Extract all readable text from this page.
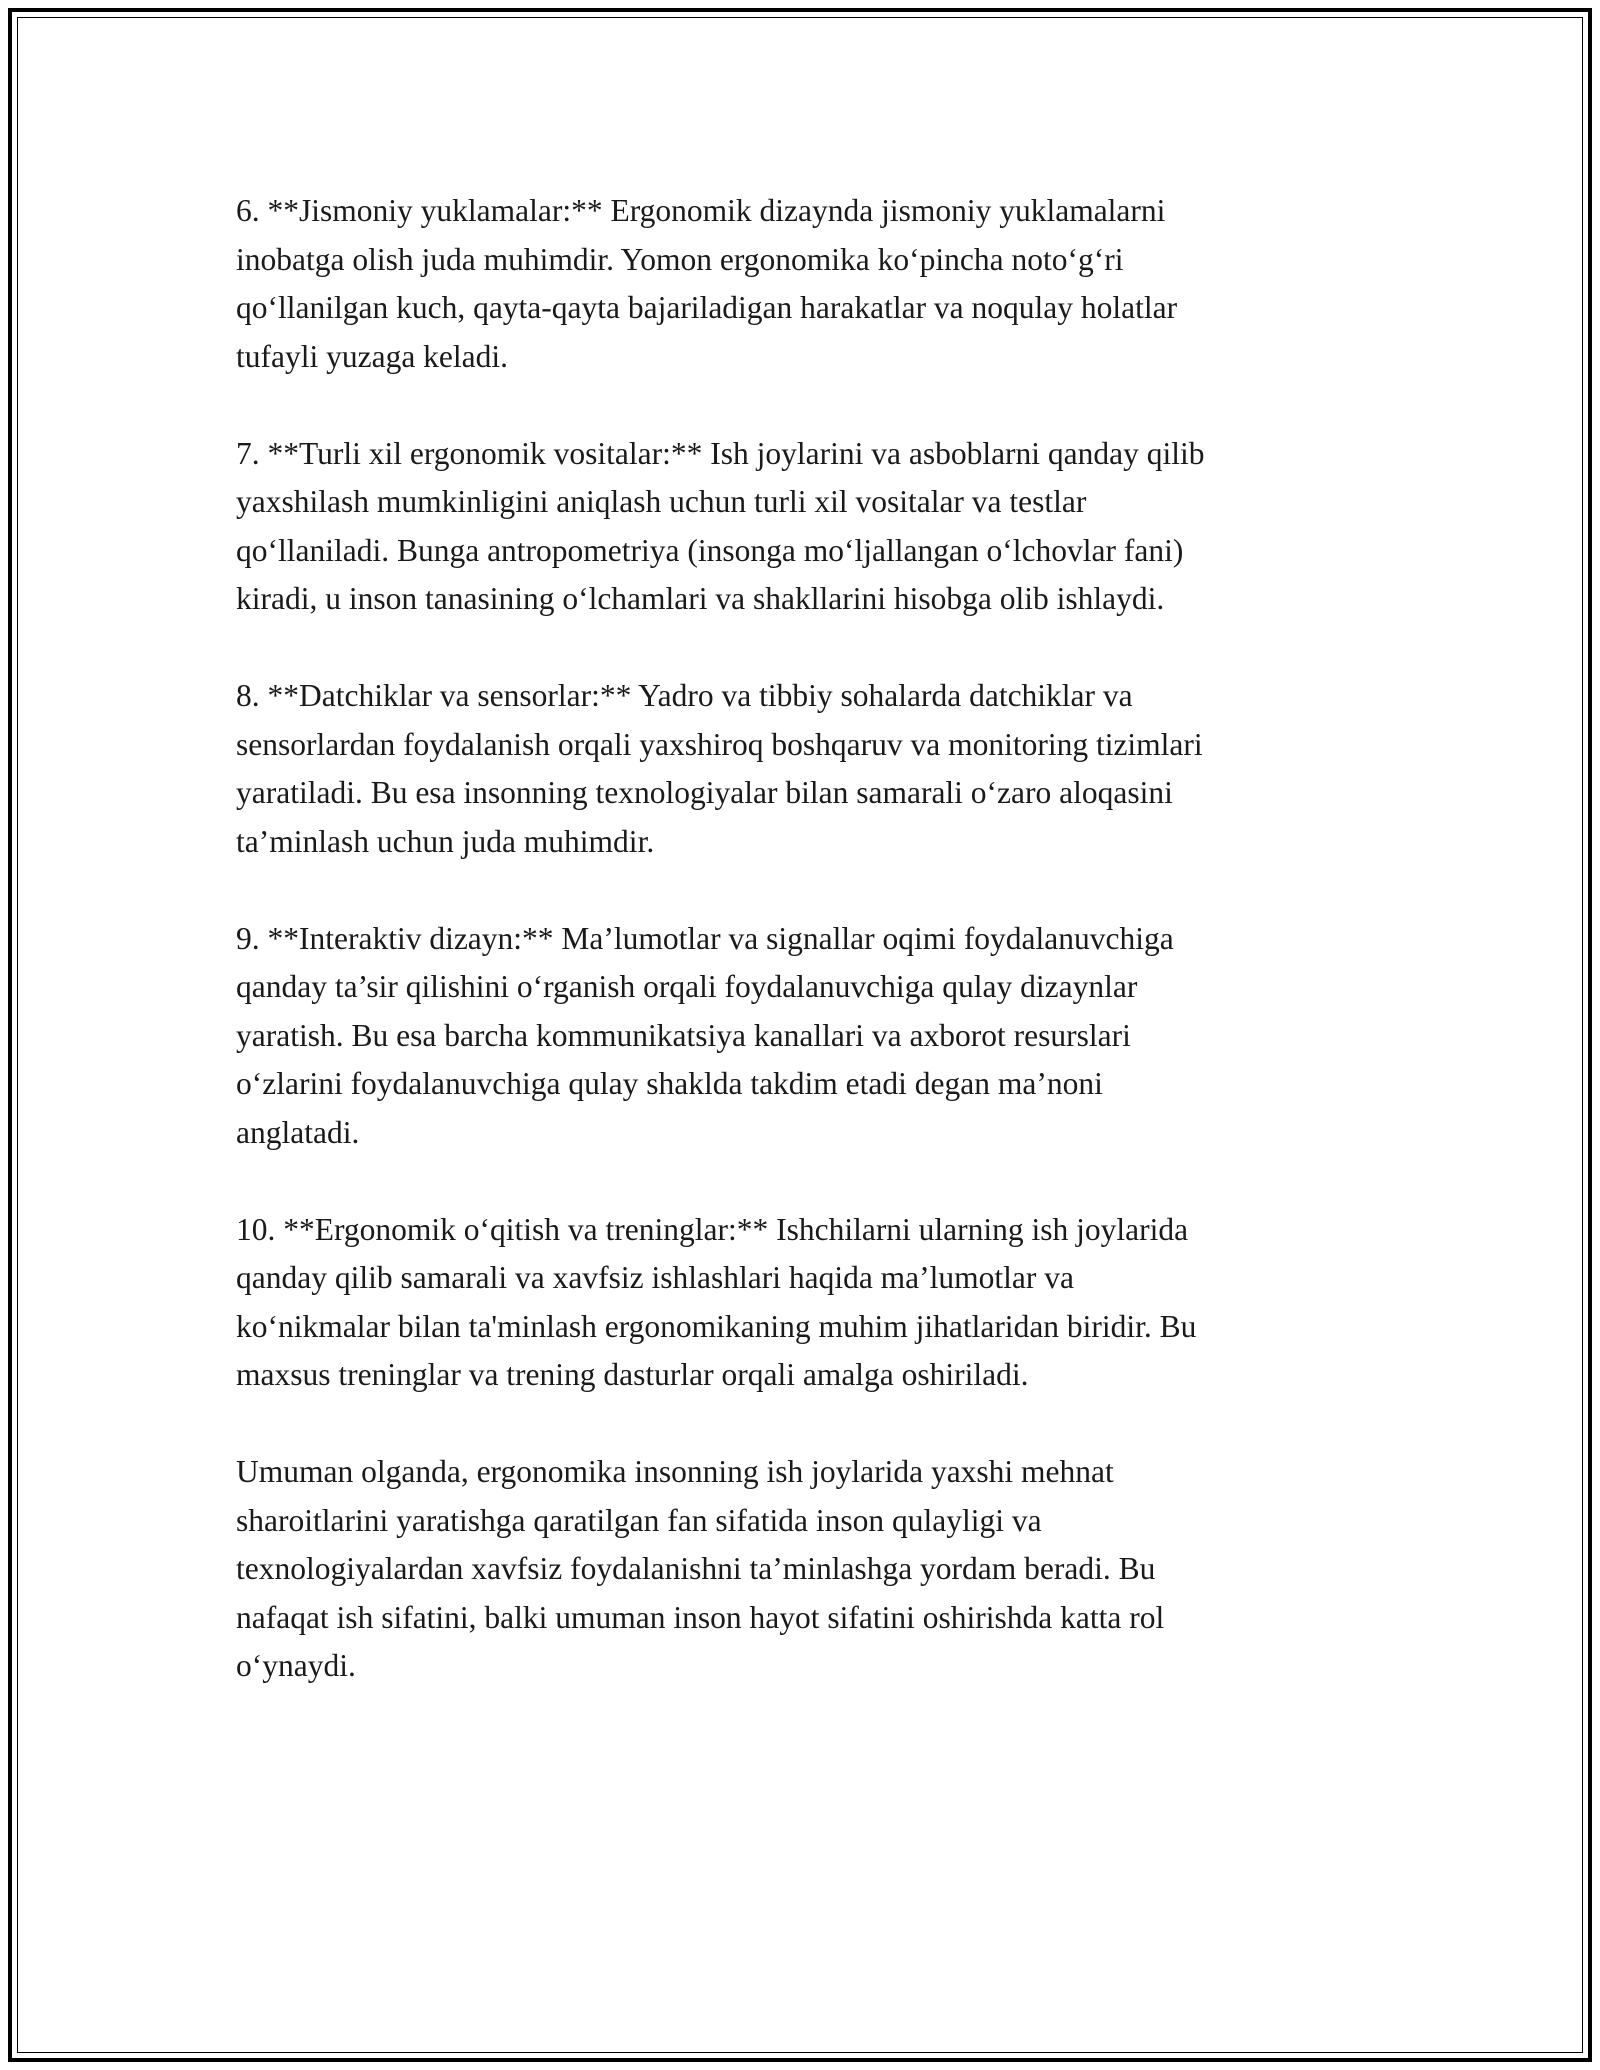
6. **Jismoniy yuklamalar:** Ergonomik dizaynda jismoniy yuklamalarni
inobatga olish juda muhimdir. Yomon ergonomika ko‘pincha noto‘g‘ri
qo‘llanilgan kuch, qayta-qayta bajariladigan harakatlar va noqulay holatlar
tufayli yuzaga keladi.

7. **Turli xil ergonomik vositalar:** Ish joylarini va asboblarni qanday qilib
yaxshilash mumkinligini aniqlash uchun turli xil vositalar va testlar
qo‘llaniladi. Bunga antropometriya (insonga mo‘ljallangan o‘lchovlar fani)
kiradi, u inson tanasining o‘lchamlari va shakllarini hisobga olib ishlaydi.

8. **Datchiklar va sensorlar:** Yadro va tibbiy sohalarda datchiklar va
sensorlardan foydalanish orqali yaxshiroq boshqaruv va monitoring tizimlari
yaratiladi. Bu esa insonning texnologiyalar bilan samarali o‘zaro aloqasini
ta’minlash uchun juda muhimdir.

9. **Interaktiv dizayn:** Ma’lumotlar va signallar oqimi foydalanuvchiga
qanday ta’sir qilishini o‘rganish orqali foydalanuvchiga qulay dizaynlar
yaratish. Bu esa barcha kommunikatsiya kanallari va axborot resurslari
o‘zlarini foydalanuvchiga qulay shakldа takdim etadi degan ma’noni
anglatadi.

10. **Ergonomik o‘qitish va treninglar:** Ishchilarni ularning ish joylarida
qanday qilib samarali va xavfsiz ishlashlari haqida ma’lumotlar va
ko‘nikmalar bilan ta'minlash ergonomikaning muhim jihatlaridan biridir. Bu
maxsus treninglar va trening dasturlar orqali amalga oshiriladi.

Umuman olganda, ergonomika insonning ish joylarida yaxshi mehnat
sharoitlarini yaratishga qaratilgan fan sifatida inson qulayligi va
texnologiyalardan xavfsiz foydalanishni ta’minlashga yordam beradi. Bu
nafaqat ish sifatini, balki umuman inson hayot sifatini oshirishda katta rol
o‘ynaydi.
